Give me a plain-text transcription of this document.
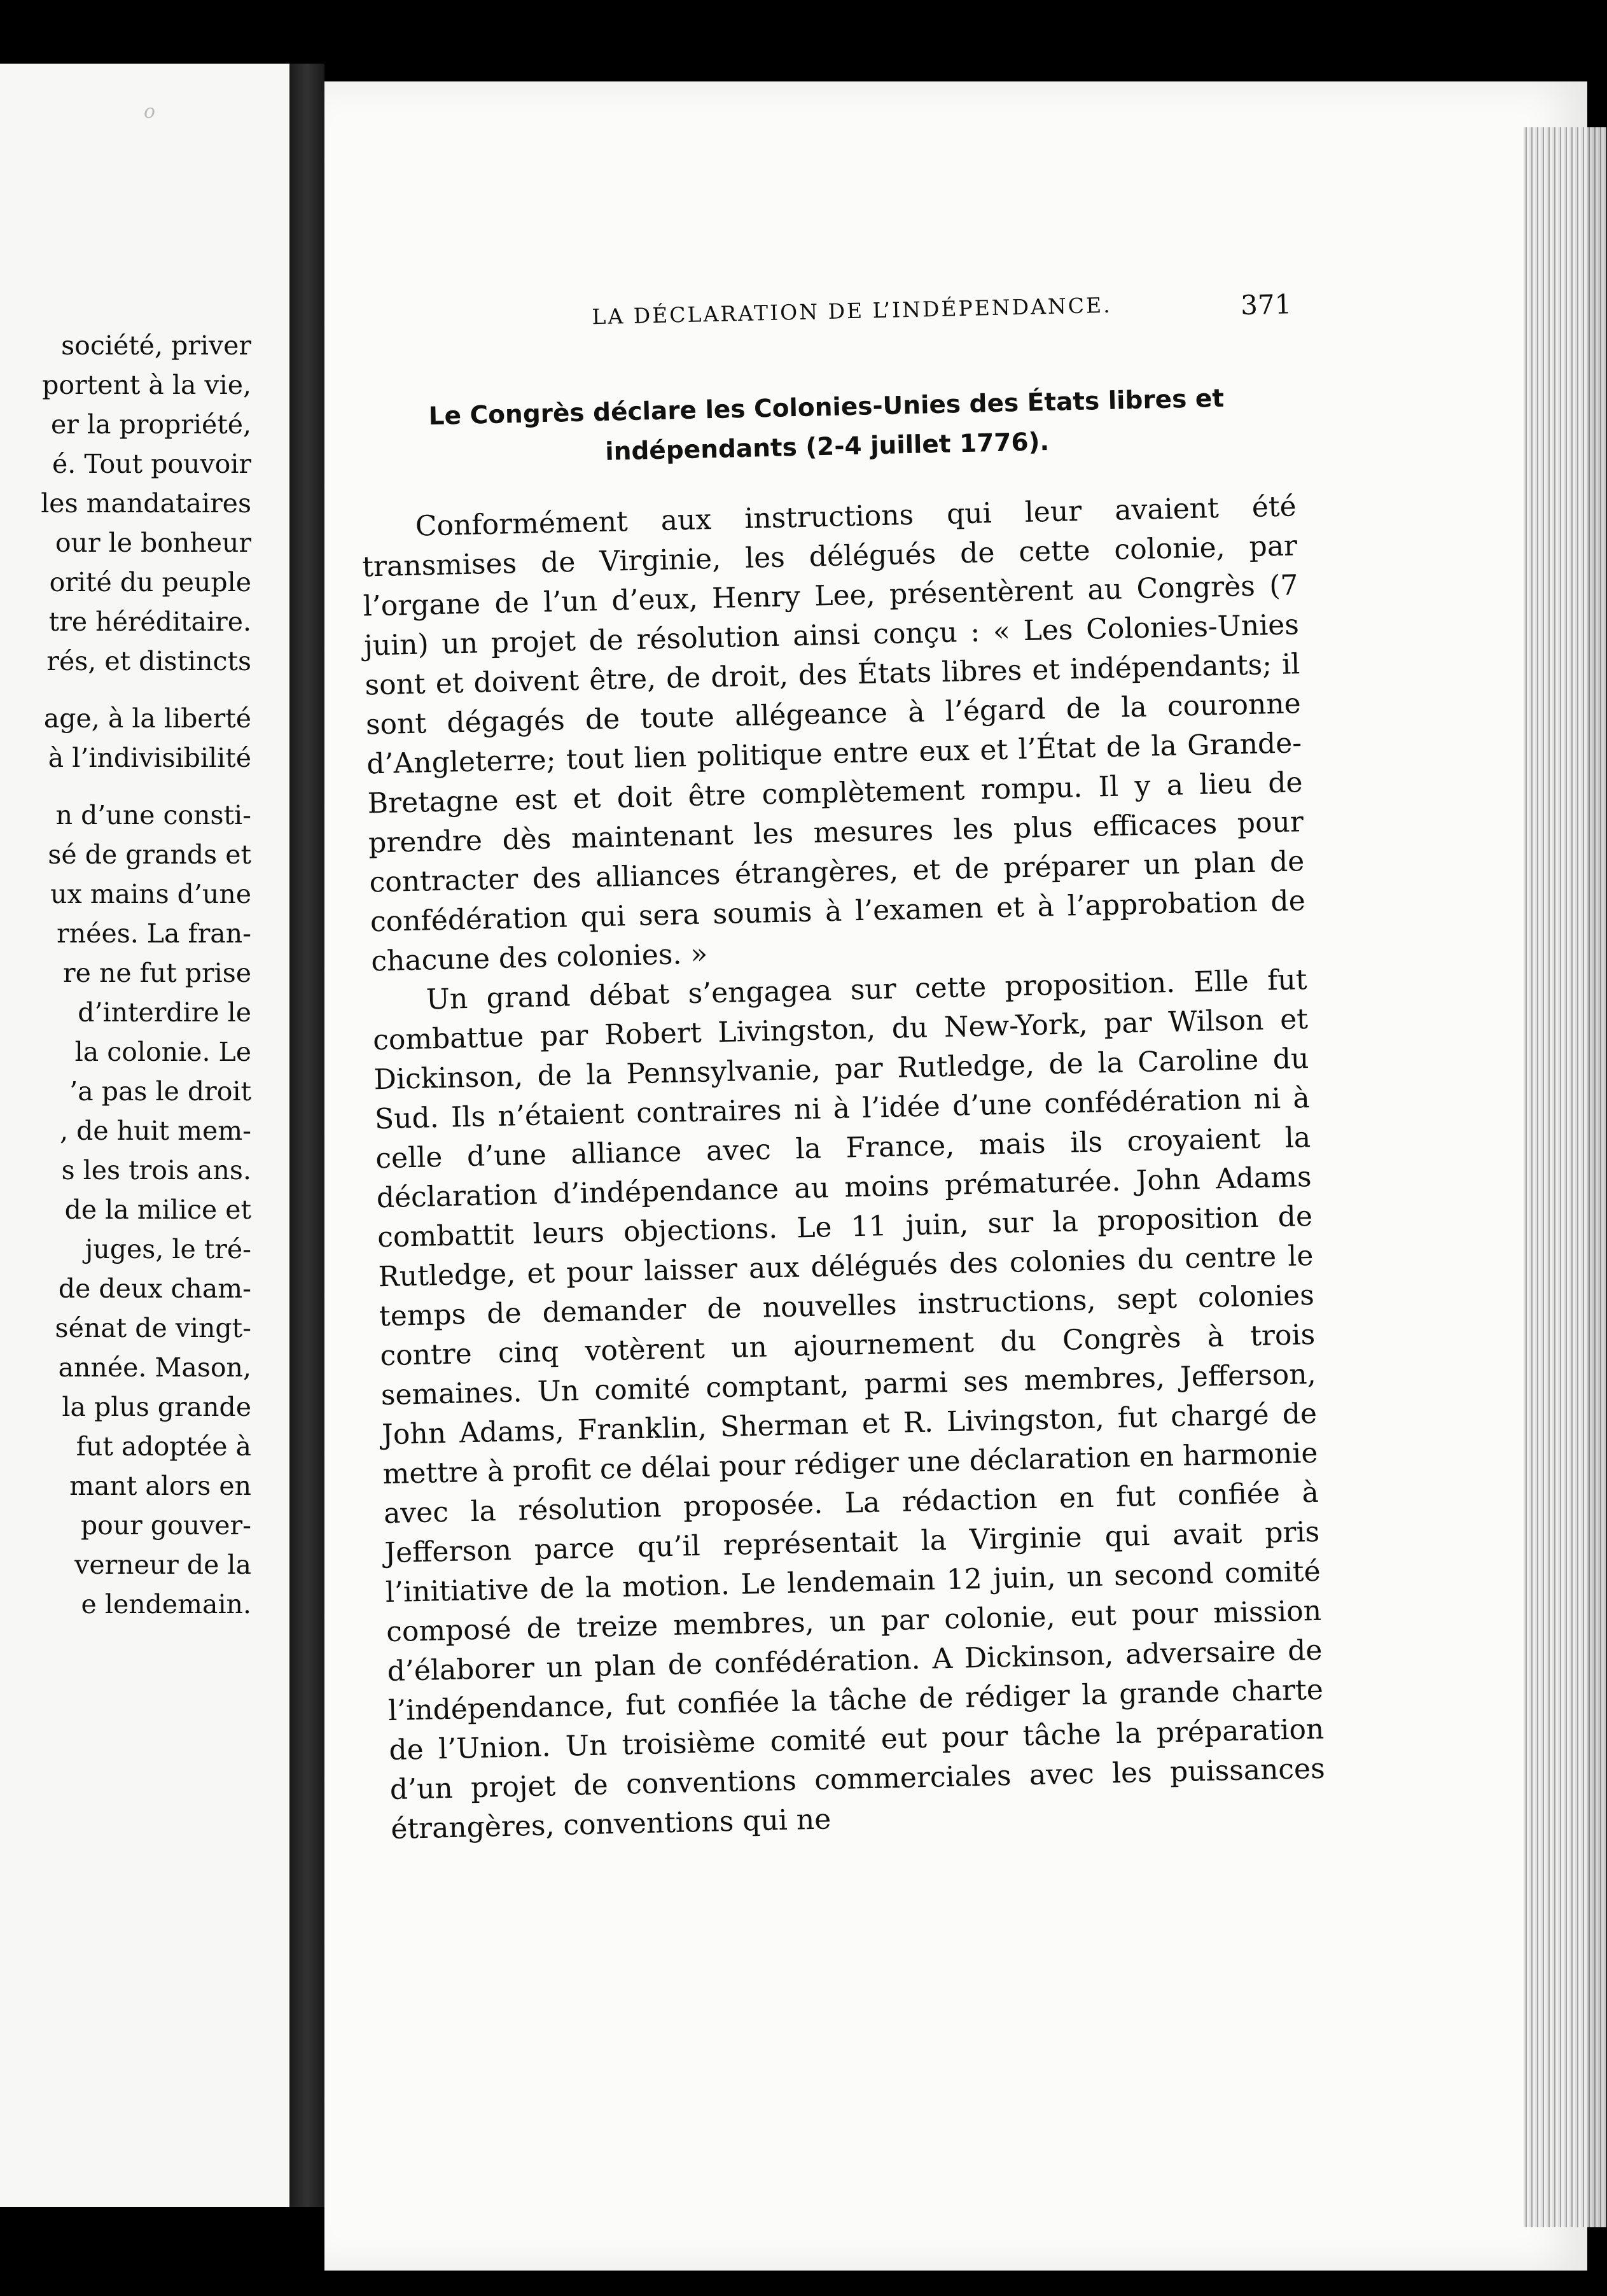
o
société, priver
portent à la vie,
er la propriété,
é. Tout pouvoir
les mandataires
our le bonheur
orité du peuple
tre héréditaire.
rés, et distincts
age, à la liberté
à l’indivisibilité
n d’une consti-
sé de grands et
ux mains d’une
rnées. La fran-
re ne fut prise
d’interdire le
la colonie. Le
’a pas le droit
, de huit mem-
s les trois ans.
de la milice et
juges, le tré-
de deux cham-
sénat de vingt-
année. Mason,
la plus grande
fut adoptée à
mant alors en
pour gouver-
verneur de la
e lendemain.
LA DÉCLARATION DE L’INDÉPENDANCE.	371
Le Congrès déclare les Colonies-Unies des États libres et indépendants (2-4 juillet 1776).

Conformément aux instructions qui leur avaient été transmises de Virginie, les délégués de cette colonie, par l’organe de l’un d’eux, Henry Lee, présentèrent au Congrès (7 juin) un projet de résolution ainsi conçu : « Les Colonies-Unies sont et doivent être, de droit, des États libres et indépendants; il sont dégagés de toute allégeance à l’égard de la couronne d’Angleterre; tout lien politique entre eux et l’État de la Grande-Bretagne est et doit être complètement rompu. Il y a lieu de prendre dès maintenant les mesures les plus efficaces pour contracter des alliances étrangères, et de préparer un plan de confédération qui sera soumis à l’examen et à l’approbation de chacune des colonies. »

Un grand débat s’engagea sur cette proposition. Elle fut combattue par Robert Livingston, du New-York, par Wilson et Dickinson, de la Pennsylvanie, par Rutledge, de la Caroline du Sud. Ils n’étaient contraires ni à l’idée d’une confédération ni à celle d’une alliance avec la France, mais ils croyaient la déclaration d’indépendance au moins prématurée. John Adams combattit leurs objections. Le 11 juin, sur la proposition de Rutledge, et pour laisser aux délégués des colonies du centre le temps de demander de nouvelles instructions, sept colonies contre cinq votèrent un ajournement du Congrès à trois semaines. Un comité comptant, parmi ses membres, Jefferson, John Adams, Franklin, Sherman et R. Livingston, fut chargé de mettre à profit ce délai pour rédiger une déclaration en harmonie avec la résolution proposée. La rédaction en fut confiée à Jefferson parce qu’il représentait la Virginie qui avait pris l’initiative de la motion. Le lendemain 12 juin, un second comité composé de treize membres, un par colonie, eut pour mission d’élaborer un plan de confédération. A Dickinson, adversaire de l’indépendance, fut confiée la tâche de rédiger la grande charte de l’Union. Un troisième comité eut pour tâche la préparation d’un projet de conventions commerciales avec les puissances étrangères, conventions qui ne
